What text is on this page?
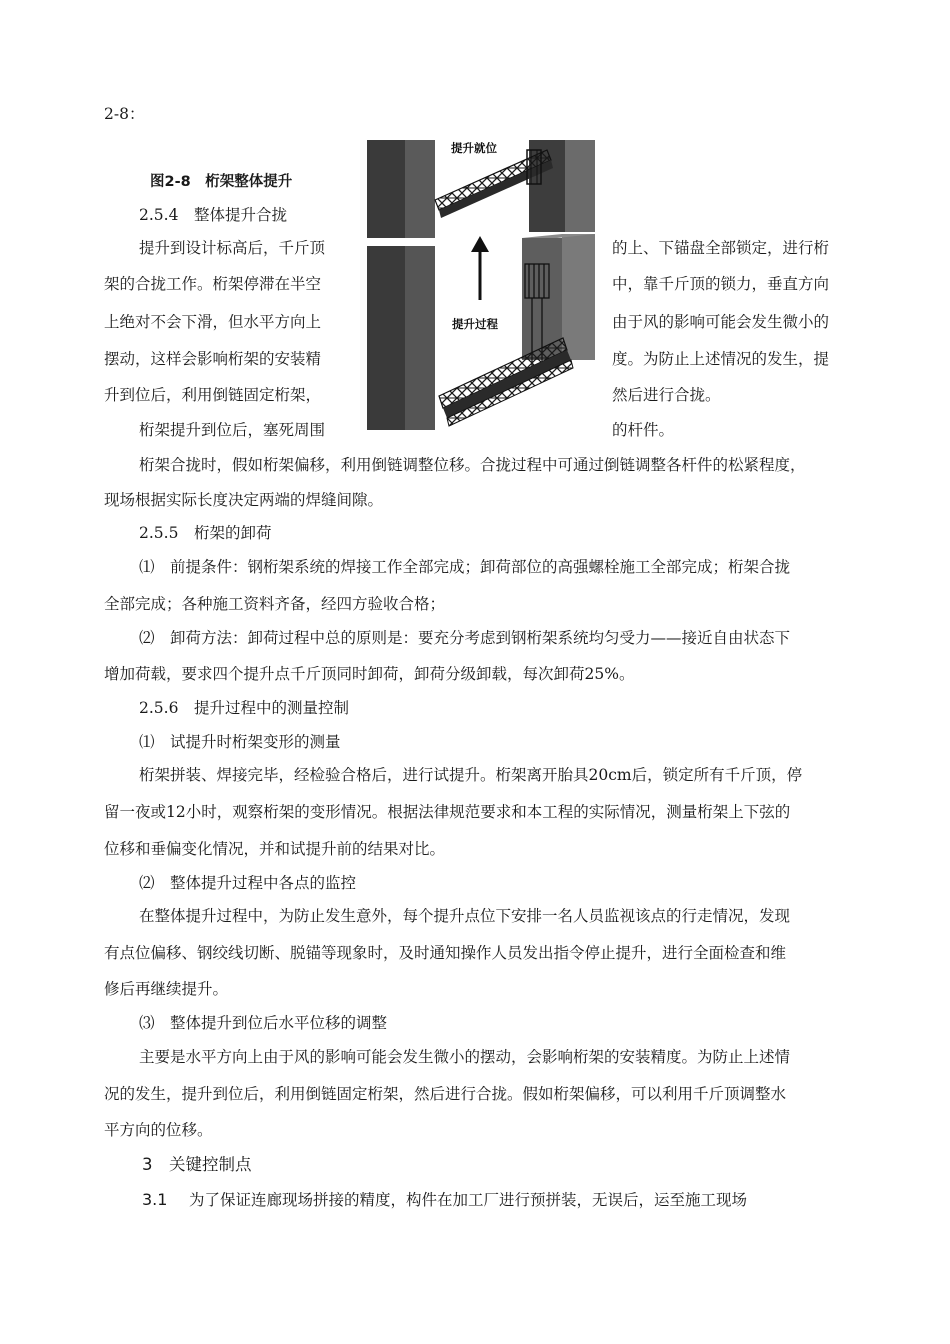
2-8：

图2-8　桁架整体提升

2.5.4　整体提升合拢

提升到设计标高后，千斤顶	的上、下锚盘全部锁定，进行桁

架的合拢工作。桁架停滞在半空	中，靠千斤顶的锁力，垂直方向

上绝对不会下滑，但水平方向上	由于风的影响可能会发生微小的

摆动，这样会影响桁架的安装精	度。为防止上述情况的发生，提

升到位后，利用倒链固定桁架，	然后进行合拢。

桁架提升到位后，塞死周围	的杆件。

桁架合拢时，假如桁架偏移，利用倒链调整位移。合拢过程中可通过倒链调整各杆件的松紧程度，

现场根据实际长度决定两端的焊缝间隙。

2.5.5　桁架的卸荷

⑴　前提条件：钢桁架系统的焊接工作全部完成；卸荷部位的高强螺栓施工全部完成；桁架合拢

全部完成；各种施工资料齐备，经四方验收合格；

⑵　卸荷方法：卸荷过程中总的原则是：要充分考虑到钢桁架系统均匀受力——接近自由状态下

增加荷载，要求四个提升点千斤顶同时卸荷，卸荷分级卸载，每次卸荷25%。

2.5.6　提升过程中的测量控制

⑴　试提升时桁架变形的测量

桁架拼装、焊接完毕，经检验合格后，进行试提升。桁架离开胎具20cm后，锁定所有千斤顶，停

留一夜或12小时，观察桁架的变形情况。根据法律规范要求和本工程的实际情况，测量桁架上下弦的

位移和垂偏变化情况，并和试提升前的结果对比。

⑵　整体提升过程中各点的监控

在整体提升过程中，为防止发生意外，每个提升点位下安排一名人员监视该点的行走情况，发现

有点位偏移、钢绞线切断、脱锚等现象时，及时通知操作人员发出指令停止提升，进行全面检查和维

修后再继续提升。

⑶　整体提升到位后水平位移的调整

主要是水平方向上由于风的影响可能会发生微小的摆动，会影响桁架的安装精度。为防止上述情

况的发生，提升到位后，利用倒链固定桁架，然后进行合拢。假如桁架偏移，可以利用千斤顶调整水

平方向的位移。

3　关键控制点

3.1 为了保证连廊现场拼接的精度，构件在加工厂进行预拼装，无误后，运至施工现场

提升就位
提升过程
